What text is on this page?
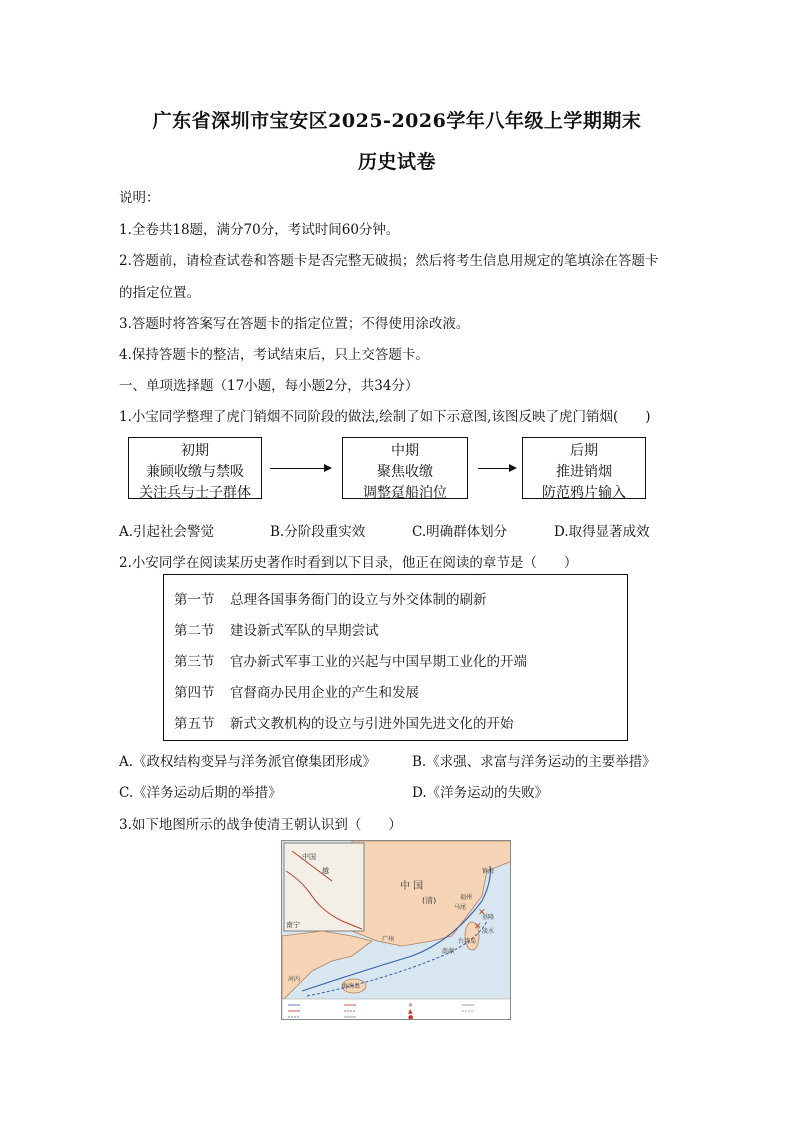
广东省深圳市宝安区2025-2026学年八年级上学期期末
历史试卷
说明：
1.全卷共18题，满分70分，考试时间60分钟。
2.答题前，请检查试卷和答题卡是否完整无破损；然后将考生信息用规定的笔填涂在答题卡
的指定位置。
3.答题时将答案写在答题卡的指定位置；不得使用涂改液。
4.保持答题卡的整洁，考试结束后，只上交答题卡。
一、单项选择题（17小题，每小题2分，共34分）
1.小宝同学整理了虎门销烟不同阶段的做法,绘制了如下示意图,该图反映了虎门销烟(　　)
初期
兼顾收缴与禁吸
关注兵与士子群体
中期
聚焦收缴
调整趸船泊位
后期
推进销烟
防范鸦片输入
A.引起社会警觉	B.分阶段重实效	C.明确群体划分	D.取得显著成效
2.小安同学在阅读某历史著作时看到以下目录，他正在阅读的章节是（　　）
第一节 总理各国事务衙门的设立与外交体制的刷新
第二节 建设新式军队的早期尝试
第三节 官办新式军事工业的兴起与中国早期工业化的开端
第四节 官督商办民用企业的产生和发展
第五节 新式文教机构的设立与引进外国先进文化的开始
A.《政权结构变异与洋务派官僚集团形成》	B.《求强、求富与洋务运动的主要举措》
C.《洋务运动后期的举措》	D.《洋务运动的失败》
3.如下地图所示的战争使清王朝认识到（　　）
✕
✕
中国
越
南宁
中 国
(清)	福州
马尾
镇海
台湾岛
基隆
淡水
广州
海南岛
河内
澎湖
✕
▲
●
